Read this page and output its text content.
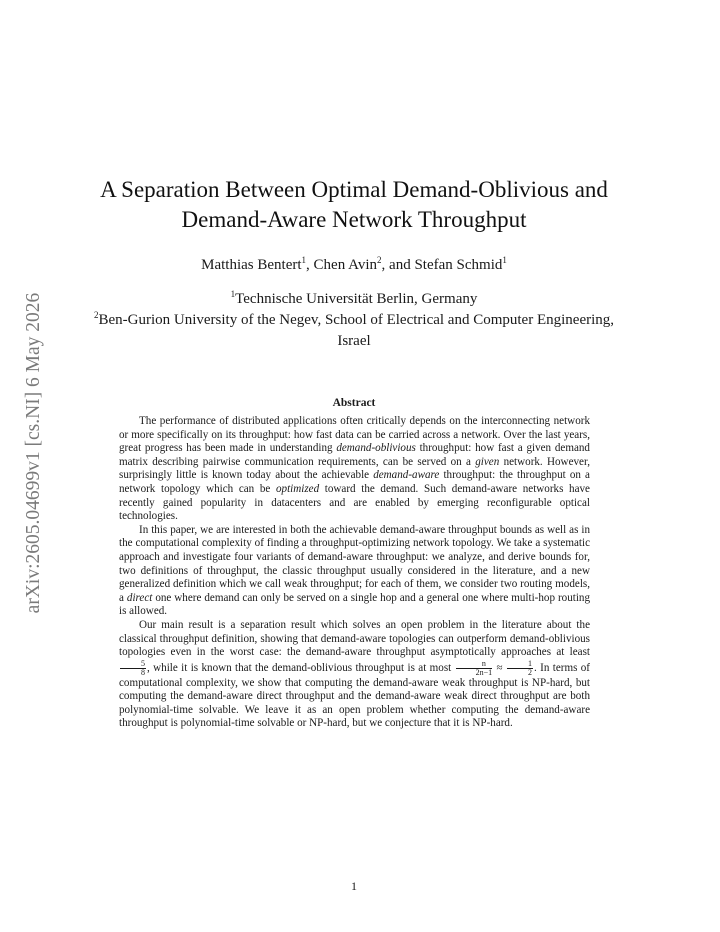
arXiv:2605.04699v1 [cs.NI] 6 May 2026
A Separation Between Optimal Demand-Oblivious and
Demand-Aware Network Throughput
Matthias Bentert$^1$, Chen Avin$^2$, and Stefan Schmid$^1$
$^1$Technische Universität Berlin, Germany
$^2$Ben-Gurion University of the Negev, School of Electrical and Computer Engineering, Israel
Abstract

The performance of distributed applications often critically depends on the interconnecting network or more specifically on its throughput: how fast data can be carried across a network. Over the last years, great progress has been made in understanding demand-oblivious throughput: how fast a given demand matrix describing pairwise communication requirements, can be served on a given network. However, surprisingly little is known today about the achievable demand-aware throughput: the throughput on a network topology which can be optimized toward the demand. Such demand-aware networks have recently gained popularity in datacenters and are enabled by emerging reconfigurable optical technologies.

In this paper, we are interested in both the achievable demand-aware throughput bounds as well as in the computational complexity of finding a throughput-optimizing network topology. We take a systematic approach and investigate four variants of demand-aware throughput: we analyze, and derive bounds for, two definitions of throughput, the classic throughput usually considered in the literature, and a new generalized definition which we call weak throughput; for each of them, we consider two routing models, a direct one where demand can only be served on a single hop and a general one where multi-hop routing is allowed.

Our main result is a separation result which solves an open problem in the literature about the classical throughput definition, showing that demand-aware topologies can outperform demand-oblivious topologies even in the worst case: the demand-aware throughput asymptotically approaches at least
$\frac{5}{8}$ , while it is known that the demand-oblivious throughput is at most $\frac{n}{2n-1} \approx \frac{1}{2}$ . In terms of computational complexity, we show that computing the demand-aware weak throughput is NP-hard, but computing the demand-aware direct throughput and the demand-aware weak direct throughput are both polynomial-time solvable. We leave it as an open problem whether computing the demand-aware throughput is polynomial-time solvable or NP-hard, but we conjecture that it is NP-hard.

1
